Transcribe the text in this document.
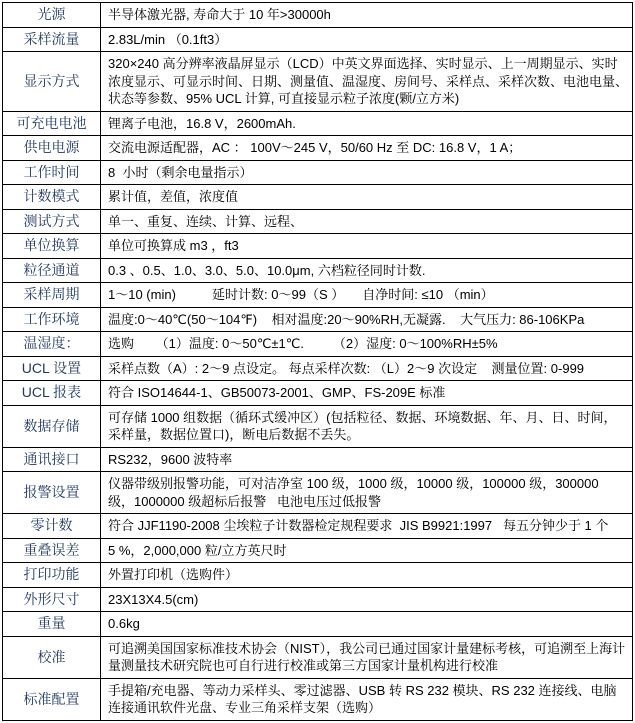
光源	半导体激光器, 寿命大于 10 年>30000h
采样流量	2.83L/min （0.1ft3）
显示方式	320×240 高分辨率液晶屏显示（LCD）中英文界面选择、实时显示、上一周期显示、实时浓度显示、可显示时间、日期、测量值、温湿度、房间号、采样点、采样次数、电池电量、状态等参数、95% UCL 计算, 可直接显示粒子浓度(颗/立方米)
可充电电池	锂离子电池，16.8 V，2600mAh.
供电电源	交流电源适配器，AC ： 100V～245 V，50/60 Hz 至 DC: 16.8 V，1 A；
工作时间	8  小时（剩余电量指示）
计数模式	累计值，差值，浓度值
测试方式	单一、重复、连续、计算、远程、
单位换算	单位可换算成 m3 ，ft3
粒径通道	0.3 、0.5、1.0、3.0、5.0、10.0μm, 六档粒径同时计数.
采样周期	1～10 (min)          延时计数: 0～99（S ）     自净时间: ≤10 （min）
工作环境	温度:0～40℃(50～104℉)    相对温度:20～90%RH,无凝露.    大气压力: 86-106KPa
温湿度：	选购      （1）温度: 0～50℃±1℃.        （2）湿度: 0～100%RH±5%
UCL 设置	采样点数（A）: 2～9 点设定。 每点采样次数: （L）2～9 次设定    测量位置: 0-999
UCL 报表	符合 ISO14644-1、GB50073-2001、GMP、FS-209E 标准
数据存储	可存储 1000 组数据（循环式缓冲区）(包括粒径、数据、环境数据、年、月、日、时间，采样量，数据位置口)，断电后数据不丢失。
通讯接口	RS232，9600 波特率
报警设置	仪器带级别报警功能，可对洁净室 100 级，1000 级，10000 级，100000 级，300000 级，1000000 级超标后报警   电池电压过低报警
零计数	符合 JJF1190-2008 尘埃粒子计数器检定规程要求  JIS B9921:1997   每五分钟少于 1 个
重叠误差	5 %，2,000,000 粒/立方英尺时
打印功能	外置打印机（选购件）
外形尺寸	23X13X4.5(cm)
重量	0.6kg
校准	可追溯美国国家标准技术协会（NIST），我公司已通过国家计量建标考核，可追溯至上海计量测量技术研究院也可自行进行校准或第三方国家计量机构进行校准
标准配置	手提箱/充电器、等动力采样头、零过滤器、USB 转 RS 232 模块、RS 232 连接线、电脑连接通讯软件光盘、专业三角采样支架（选购）
